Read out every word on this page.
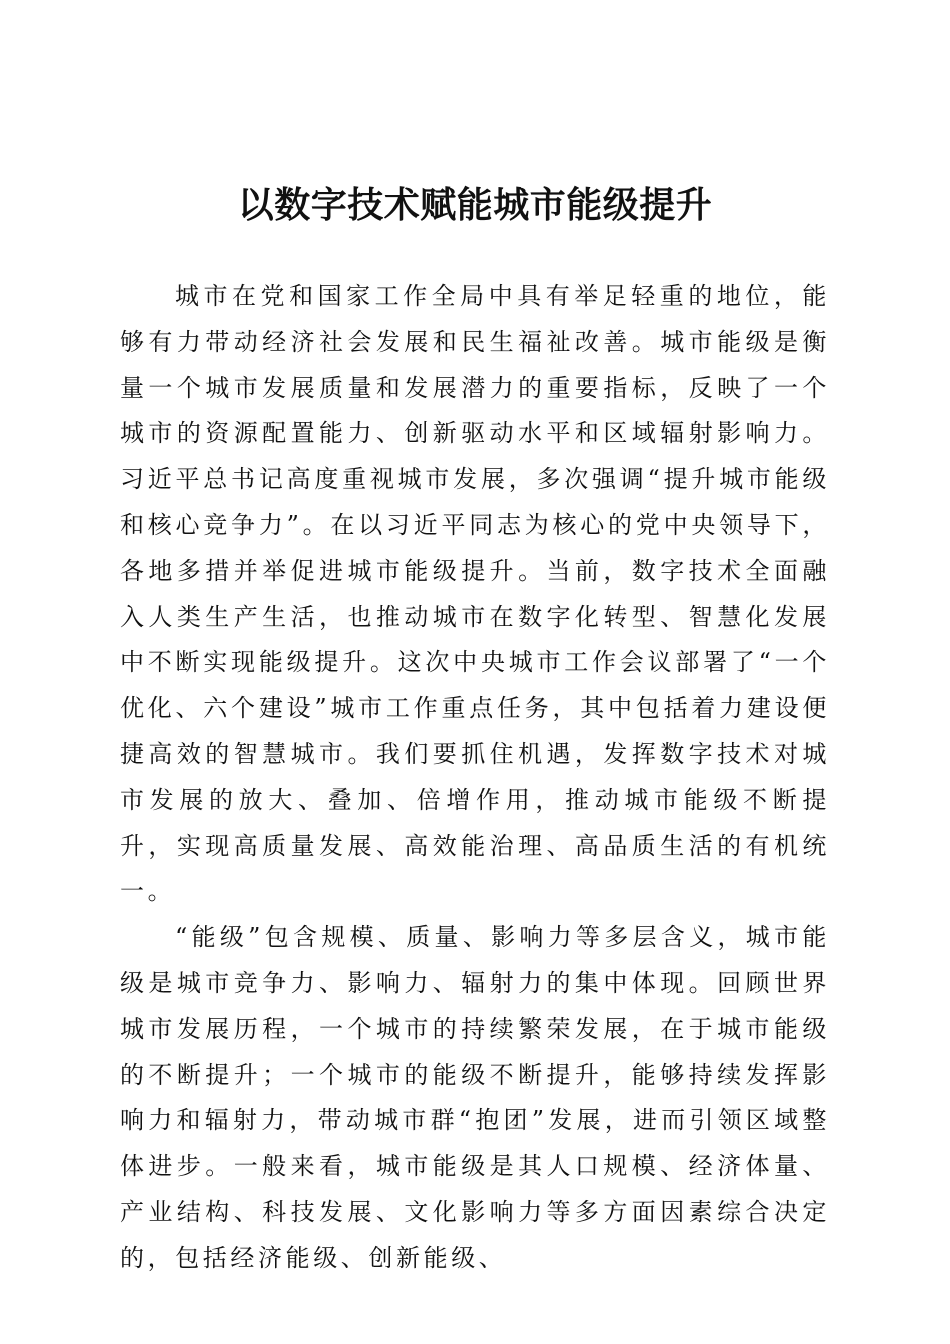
以数字技术赋能城市能级提升

城市在党和国家工作全局中具有举足轻重的地位，能够有力带动经济社会发展和民生福祉改善。城市能级是衡量一个城市发展质量和发展潜力的重要指标，反映了一个城市的资源配置能力、创新驱动水平和区域辐射影响力。习近平总书记高度重视城市发展，多次强调“提升城市能级和核心竞争力”。在以习近平同志为核心的党中央领导下，各地多措并举促进城市能级提升。当前，数字技术全面融入人类生产生活，也推动城市在数字化转型、智慧化发展中不断实现能级提升。这次中央城市工作会议部署了“一个优化、六个建设”城市工作重点任务，其中包括着力建设便捷高效的智慧城市。我们要抓住机遇，发挥数字技术对城市发展的放大、叠加、倍增作用，推动城市能级不断提升，实现高质量发展、高效能治理、高品质生活的有机统一。

“能级”包含规模、质量、影响力等多层含义，城市能级是城市竞争力、影响力、辐射力的集中体现。回顾世界城市发展历程，一个城市的持续繁荣发展，在于城市能级的不断提升；一个城市的能级不断提升，能够持续发挥影响力和辐射力，带动城市群“抱团”发展，进而引领区域整体进步。一般来看，城市能级是其人口规模、经济体量、产业结构、科技发展、文化影响力等多方面因素综合决定的，包括经济能级、创新能级、
